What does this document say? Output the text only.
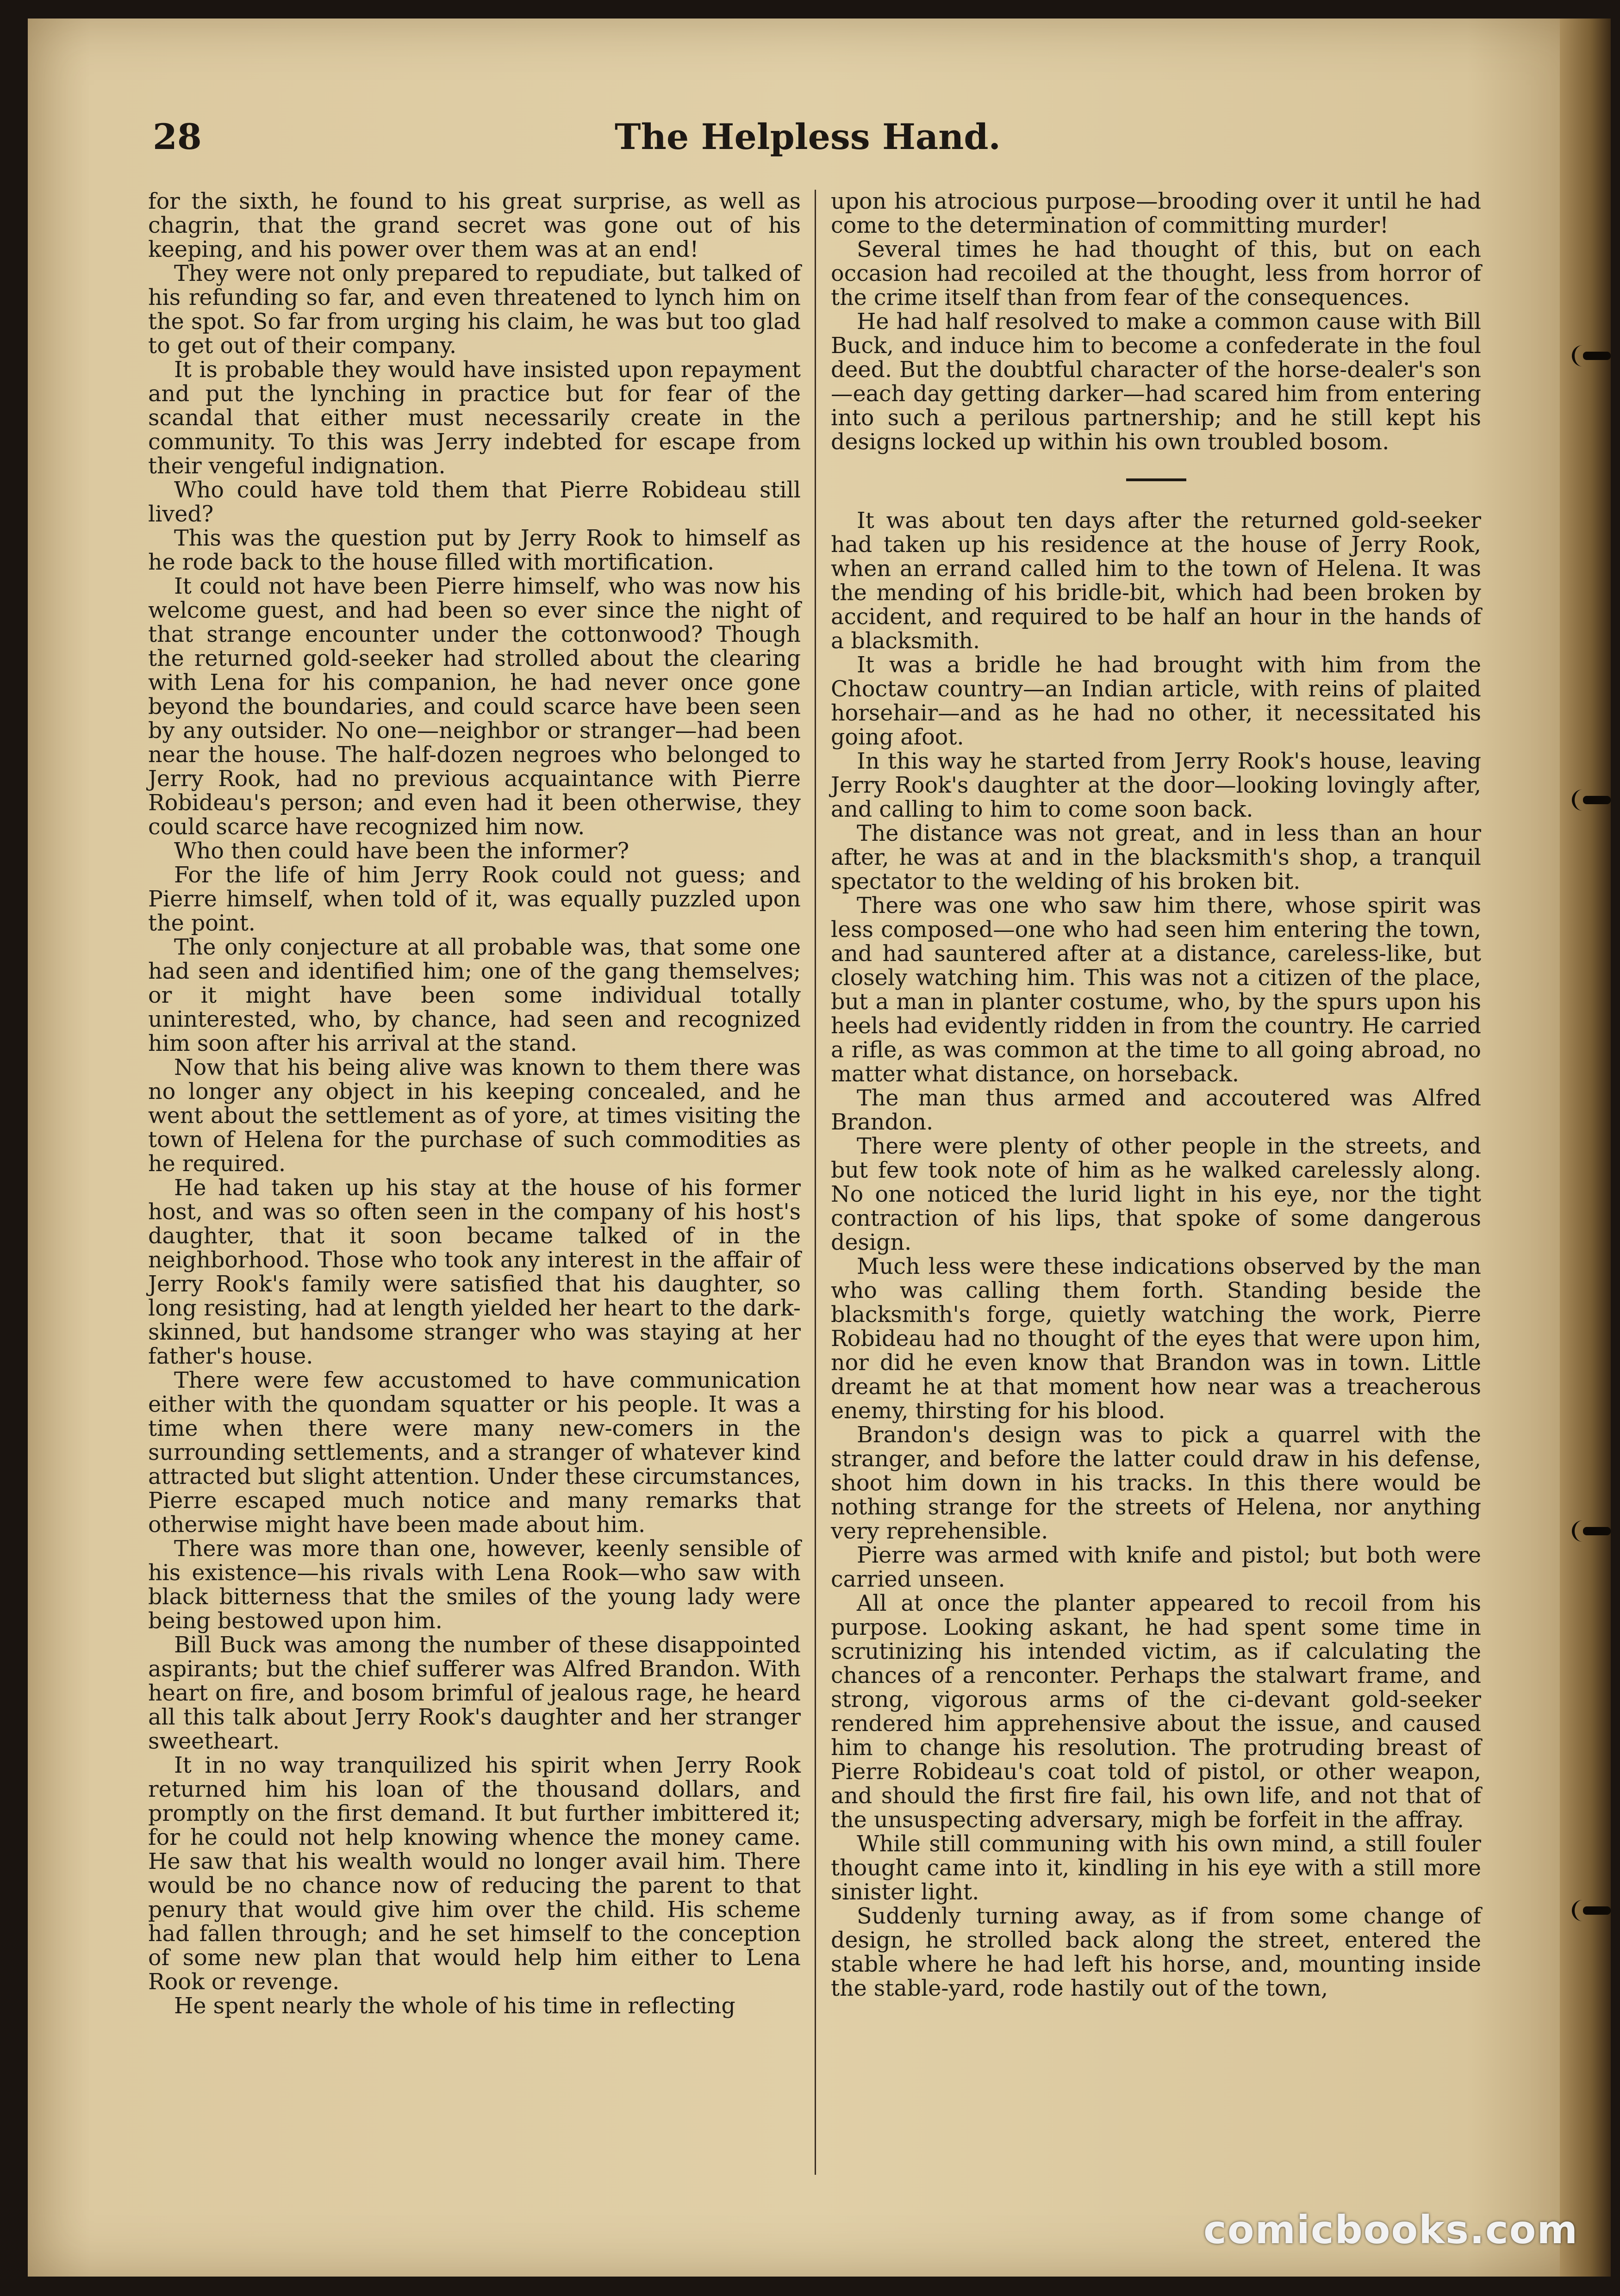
28	The Helpless Hand.

for the sixth, he found to his great surprise, as well as chagrin, that the grand secret was gone out of his keeping, and his power over them was at an end!

They were not only prepared to repudiate, but talked of his refunding so far, and even threatened to lynch him on the spot. So far from urging his claim, he was but too glad to get out of their company.

It is probable they would have insisted upon repayment and put the lynching in practice but for fear of the scandal that either must necessarily create in the community. To this was Jerry indebted for escape from their vengeful indignation.

Who could have told them that Pierre Robideau still lived?

This was the question put by Jerry Rook to himself as he rode back to the house filled with mortification.

It could not have been Pierre himself, who was now his welcome guest, and had been so ever since the night of that strange encounter under the cottonwood? Though the returned gold-seeker had strolled about the clearing with Lena for his companion, he had never once gone beyond the boundaries, and could scarce have been seen by any outsider. No one—neighbor or stranger—had been near the house. The half-dozen negroes who belonged to Jerry Rook, had no previous acquaintance with Pierre Robideau's person; and even had it been otherwise, they could scarce have recognized him now.

Who then could have been the informer?

For the life of him Jerry Rook could not guess; and Pierre himself, when told of it, was equally puzzled upon the point.

The only conjecture at all probable was, that some one had seen and identified him; one of the gang themselves; or it might have been some individual totally uninterested, who, by chance, had seen and recognized him soon after his arrival at the stand.

Now that his being alive was known to them there was no longer any object in his keeping concealed, and he went about the settlement as of yore, at times visiting the town of Helena for the purchase of such commodities as he required.

He had taken up his stay at the house of his former host, and was so often seen in the company of his host's daughter, that it soon became talked of in the neighborhood. Those who took any interest in the affair of Jerry Rook's family were satisfied that his daughter, so long resisting, had at length yielded her heart to the dark-skinned, but handsome stranger who was staying at her father's house.

There were few accustomed to have communication either with the quondam squatter or his people. It was a time when there were many new-comers in the surrounding settlements, and a stranger of whatever kind attracted but slight attention. Under these circumstances, Pierre escaped much notice and many remarks that otherwise might have been made about him.

There was more than one, however, keenly sensible of his existence—his rivals with Lena Rook—who saw with black bitterness that the smiles of the young lady were being bestowed upon him.

Bill Buck was among the number of these disappointed aspirants; but the chief sufferer was Alfred Brandon. With heart on fire, and bosom brimful of jealous rage, he heard all this talk about Jerry Rook's daughter and her stranger sweetheart.

It in no way tranquilized his spirit when Jerry Rook returned him his loan of the thousand dollars, and promptly on the first demand. It but further imbittered it; for he could not help knowing whence the money came. He saw that his wealth would no longer avail him. There would be no chance now of reducing the parent to that penury that would give him over the child. His scheme had fallen through; and he set himself to the conception of some new plan that would help him either to Lena Rook or revenge.

He spent nearly the whole of his time in reflecting

upon his atrocious purpose—brooding over it until he had come to the determination of committing murder!

Several times he had thought of this, but on each occasion had recoiled at the thought, less from horror of the crime itself than from fear of the consequences.

He had half resolved to make a common cause with Bill Buck, and induce him to become a confederate in the foul deed. But the doubtful character of the horse-dealer's son—each day getting darker—had scared him from entering into such a perilous partnership; and he still kept his designs locked up within his own troubled bosom.

It was about ten days after the returned gold-seeker had taken up his residence at the house of Jerry Rook, when an errand called him to the town of Helena. It was the mending of his bridle-bit, which had been broken by accident, and required to be half an hour in the hands of a blacksmith.

It was a bridle he had brought with him from the Choctaw country—an Indian article, with reins of plaited horsehair—and as he had no other, it necessitated his going afoot.

In this way he started from Jerry Rook's house, leaving Jerry Rook's daughter at the door—looking lovingly after, and calling to him to come soon back.

The distance was not great, and in less than an hour after, he was at and in the blacksmith's shop, a tranquil spectator to the welding of his broken bit.

There was one who saw him there, whose spirit was less composed—one who had seen him entering the town, and had sauntered after at a distance, careless-like, but closely watching him. This was not a citizen of the place, but a man in planter costume, who, by the spurs upon his heels had evidently ridden in from the country. He carried a rifle, as was common at the time to all going abroad, no matter what distance, on horseback.

The man thus armed and accoutered was Alfred Brandon.

There were plenty of other people in the streets, and but few took note of him as he walked carelessly along. No one noticed the lurid light in his eye, nor the tight contraction of his lips, that spoke of some dangerous design.

Much less were these indications observed by the man who was calling them forth. Standing beside the blacksmith's forge, quietly watching the work, Pierre Robideau had no thought of the eyes that were upon him, nor did he even know that Brandon was in town. Little dreamt he at that moment how near was a treacherous enemy, thirsting for his blood.

Brandon's design was to pick a quarrel with the stranger, and before the latter could draw in his defense, shoot him down in his tracks. In this there would be nothing strange for the streets of Helena, nor anything very reprehensible.

Pierre was armed with knife and pistol; but both were carried unseen.

All at once the planter appeared to recoil from his purpose. Looking askant, he had spent some time in scrutinizing his intended victim, as if calculating the chances of a renconter. Perhaps the stalwart frame, and strong, vigorous arms of the ci-devant gold-seeker rendered him apprehensive about the issue, and caused him to change his resolution. The protruding breast of Pierre Robideau's coat told of pistol, or other weapon, and should the first fire fail, his own life, and not that of the unsuspecting adversary, migh be forfeit in the affray.

While still communing with his own mind, a still fouler thought came into it, kindling in his eye with a still more sinister light.

Suddenly turning away, as if from some change of design, he strolled back along the street, entered the stable where he had left his horse, and, mounting inside the stable-yard, rode hastily out of the town,

comicbooks.com
